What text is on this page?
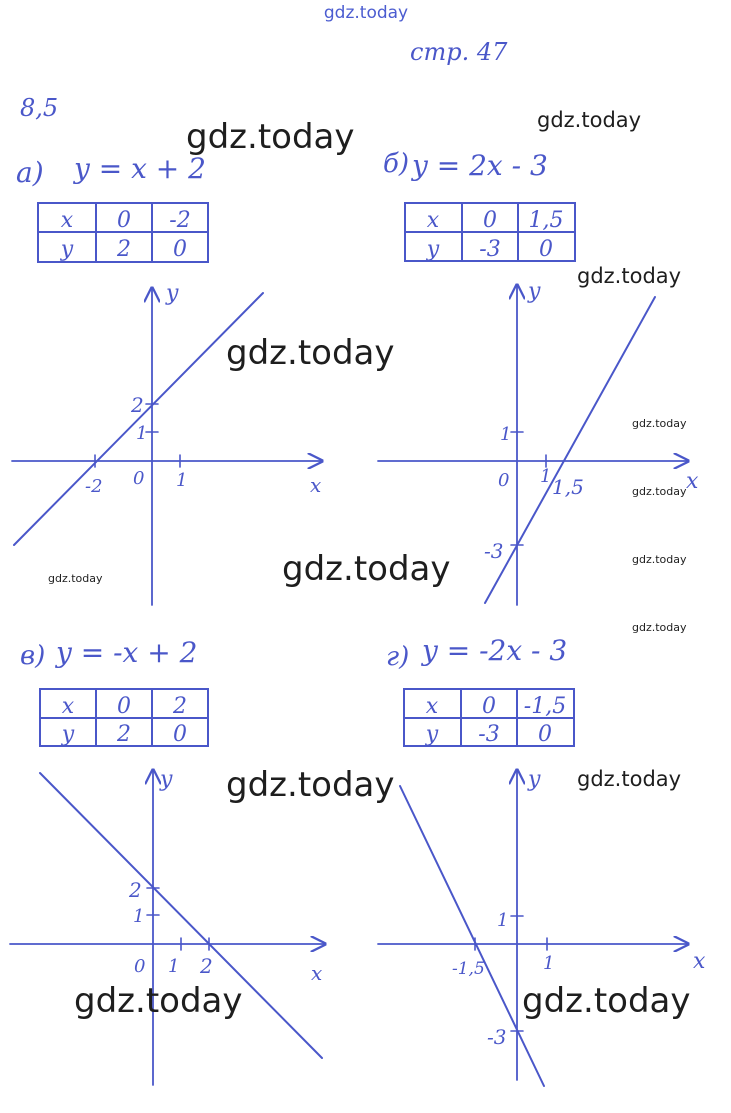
gdz.today
стр. 47
8,5
а) y = x + 2
x 0 -2
y 2 0
x
y
0 1
-2
1
2
б) y = 2x - 3
x 0 1,5
y -3 0
x
y
0 1 1,5
1
-3
в) y = -x + 2
x 0 2
y 2 0
x
y
0 1 2
1
2
г) y = -2x - 3
x 0 -1,5
y -3 0
x
y
1
-1,5
1
-3
gdz.today	gdz.today
gdz.today
gdz.today
gdz.today
gdz.today
gdz.today
gdz.today
gdz.today
gdz.today
gdz.today	gdz.today
gdz.today	gdz.today
